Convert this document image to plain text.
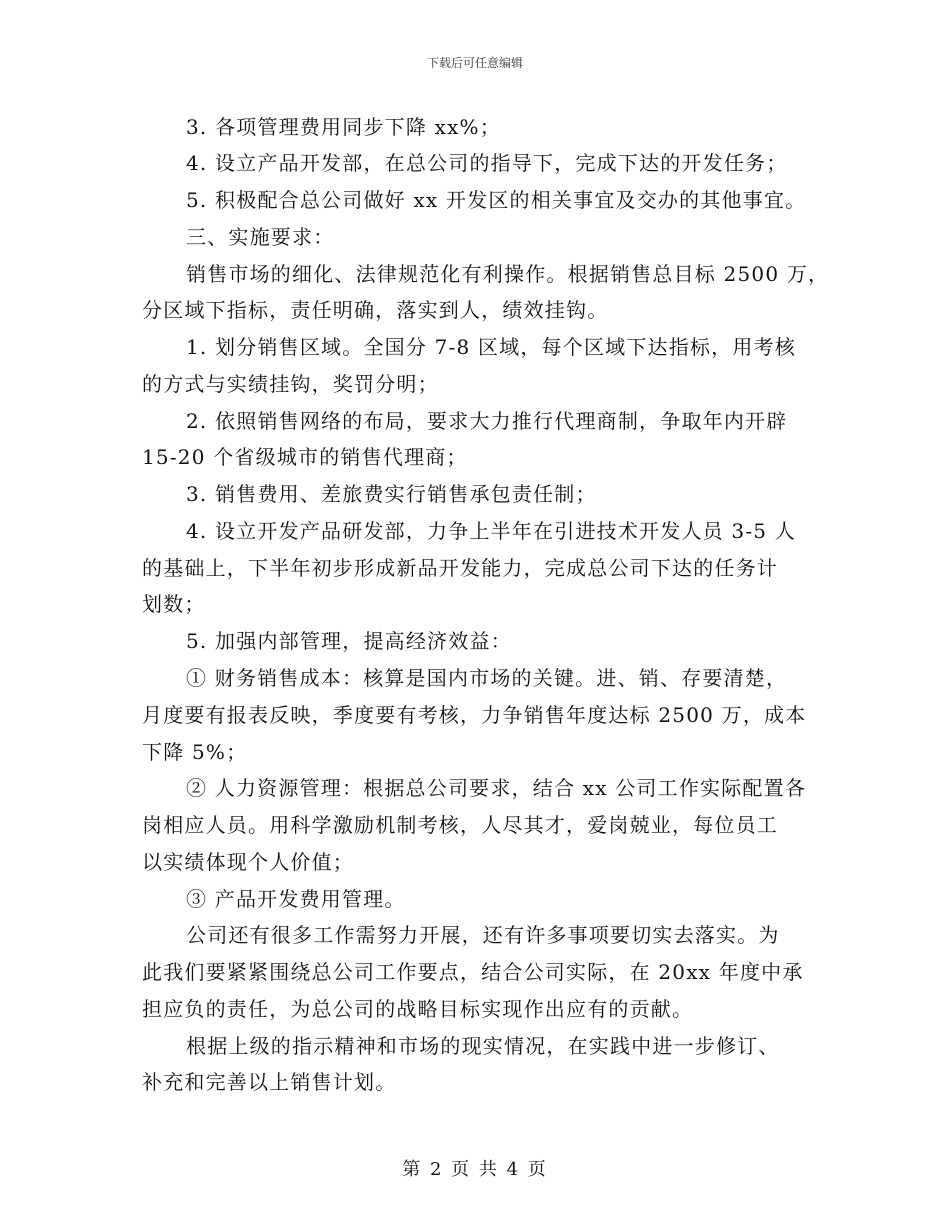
下载后可任意编辑
3. 各项管理费用同步下降 xx%；
4. 设立产品开发部，在总公司的指导下，完成下达的开发任务；
5. 积极配合总公司做好 xx 开发区的相关事宜及交办的其他事宜。
三、实施要求：
销售市场的细化、法律规范化有利操作。根据销售总目标 2500 万，
分区域下指标，责任明确，落实到人，绩效挂钩。
1. 划分销售区域。全国分 7-8 区域，每个区域下达指标，用考核
的方式与实绩挂钩，奖罚分明；
2. 依照销售网络的布局，要求大力推行代理商制，争取年内开辟
15-20 个省级城市的销售代理商；
3. 销售费用、差旅费实行销售承包责任制；
4. 设立开发产品研发部，力争上半年在引进技术开发人员 3-5 人
的基础上，下半年初步形成新品开发能力，完成总公司下达的任务计
划数；
5. 加强内部管理，提高经济效益：
① 财务销售成本：核算是国内市场的关键。进、销、存要清楚，
月度要有报表反映，季度要有考核，力争销售年度达标 2500 万，成本
下降 5%；
② 人力资源管理：根据总公司要求，结合 xx 公司工作实际配置各
岗相应人员。用科学激励机制考核，人尽其才，爱岗兢业，每位员工
以实绩体现个人价值；
③ 产品开发费用管理。
公司还有很多工作需努力开展，还有许多事项要切实去落实。为
此我们要紧紧围绕总公司工作要点，结合公司实际，在 20xx 年度中承
担应负的责任，为总公司的战略目标实现作出应有的贡献。
根据上级的指示精神和市场的现实情况，在实践中进一步修订、
补充和完善以上销售计划。
第 2 页 共 4 页
